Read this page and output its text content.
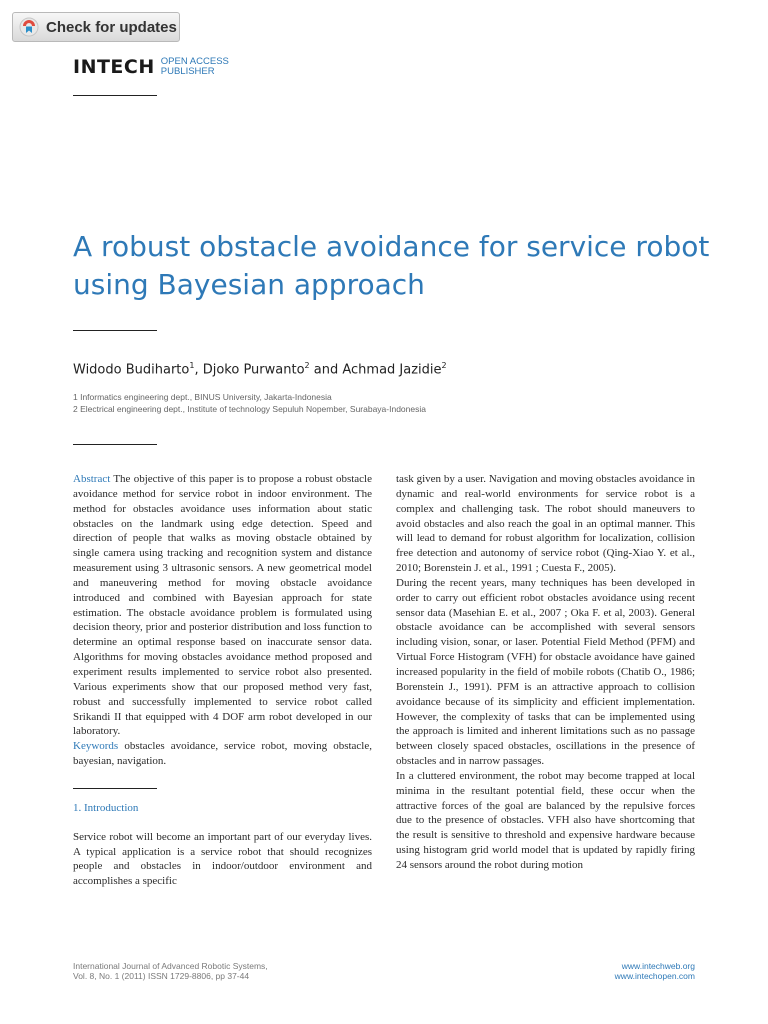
Check for updates
INTECH OPEN ACCESS
PUBLISHER
A robust obstacle avoidance for service robot using Bayesian approach

Widodo Budiharto$^1$, Djoko Purwanto$^2$ and Achmad Jazidie$^2$

1 Informatics engineering dept., BINUS University, Jakarta-Indonesia

2 Electrical engineering dept., Institute of technology Sepuluh Nopember, Surabaya-Indonesia

Abstract The objective of this paper is to propose a robust obstacle avoidance method for service robot in indoor environment. The method for obstacles avoidance uses information about static obstacles on the landmark using edge detection. Speed and direction of people that walks as moving obstacle obtained by single camera using tracking and recognition system and distance measurement using 3 ultrasonic sensors. A new geometrical model and maneuvering method for moving obstacle avoidance introduced and combined with Bayesian approach for state estimation. The obstacle avoidance problem is formulated using decision theory, prior and posterior distribution and loss function to determine an optimal response based on inaccurate sensor data. Algorithms for moving obstacles avoidance method proposed and experiment results implemented to service robot also presented. Various experiments show that our proposed method very fast, robust and successfully implemented to service robot called Srikandi II that equipped with 4 DOF arm robot developed in our laboratory.

Keywords obstacles avoidance, service robot, moving obstacle, bayesian, navigation.

1. Introduction

Service robot will become an important part of our everyday lives. A typical application is a service robot that should recognizes people and obstacles in indoor/outdoor environment and accomplishes a specific

task given by a user. Navigation and moving obstacles avoidance in dynamic and real-world environments for service robot is a complex and challenging task. The robot should maneuvers to avoid obstacles and also reach the goal in an optimal manner. This will lead to demand for robust algorithm for localization, collision free detection and autonomy of service robot (Qing-Xiao Y. et al., 2010; Borenstein J. et al., 1991 ; Cuesta F., 2005).

During the recent years, many techniques has been developed in order to carry out efficient robot obstacles avoidance using recent sensor data (Masehian E. et al., 2007 ; Oka F. et al, 2003). General obstacle avoidance can be accomplished with several sensors including vision, sonar, or laser. Potential Field Method (PFM) and Virtual Force Histogram (VFH) for obstacle avoidance have gained increased popularity in the field of mobile robots (Chatib O., 1986; Borenstein J., 1991). PFM is an attractive approach to collision avoidance because of its simplicity and efficient implementation. However, the complexity of tasks that can be implemented using the approach is limited and inherent limitations such as no passage between closely spaced obstacles, oscillations in the presence of obstacles and in narrow passages.

In a cluttered environment, the robot may become trapped at local minima in the resultant potential field, these occur when the attractive forces of the goal are balanced by the repulsive forces due to the presence of obstacles. VFH also have shortcoming that the result is sensitive to threshold and expensive hardware because using histogram grid world model that is updated by rapidly firing 24 sensors around the robot during motion

International Journal of Advanced Robotic Systems,
Vol. 8, No. 1 (2011) ISSN 1729-8806, pp 37-44
www.intechweb.org
www.intechopen.com
